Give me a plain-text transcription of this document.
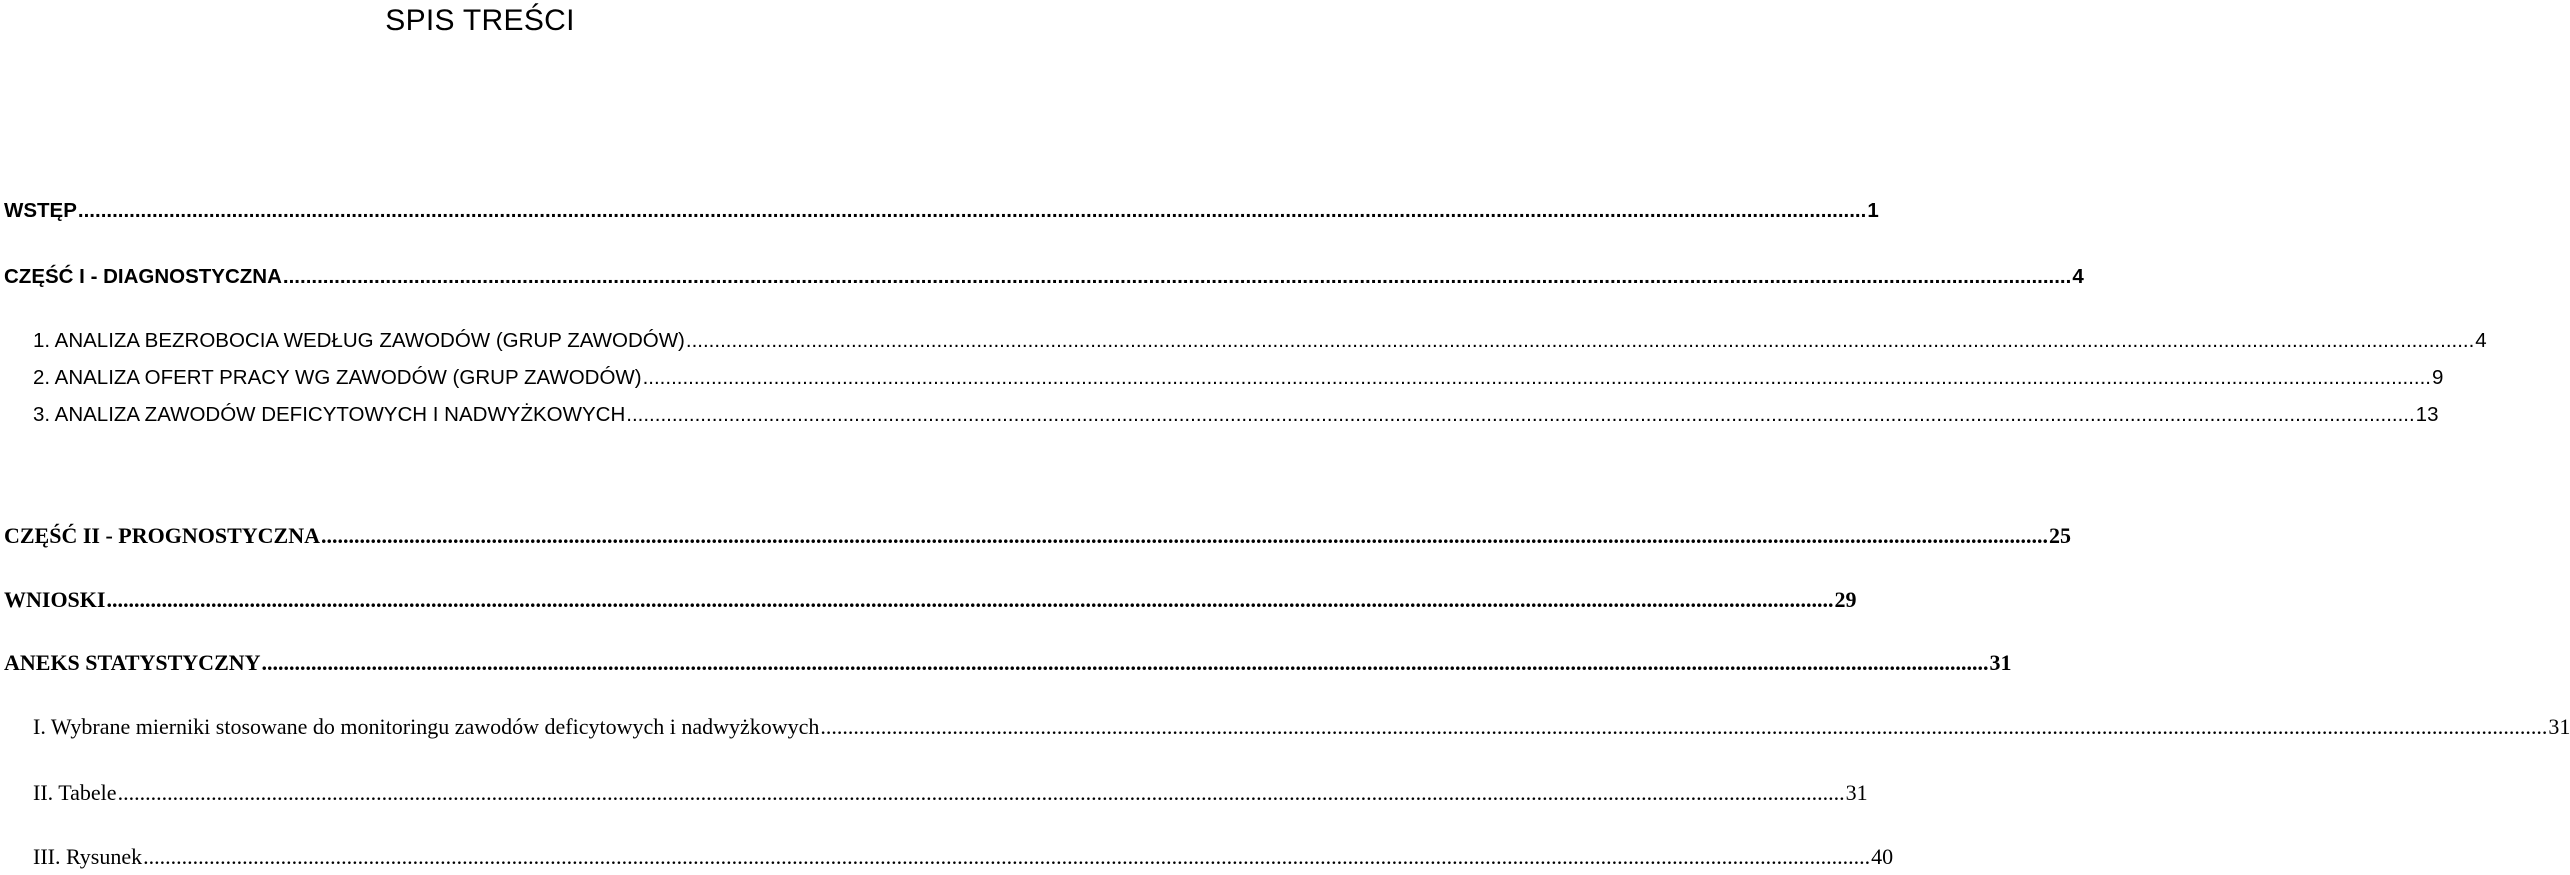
SPIS TREŚCI
WSTĘP .......................................................................................................................................................................................................................................................................................................................... 1
CZĘŚĆ I - DIAGNOSTYCZNA .......................................................................................................................................................................................................................................................................................................................... 4
1. ANALIZA BEZROBOCIA WEDŁUG ZAWODÓW (GRUP ZAWODÓW) .......................................................................................................................................................................................................................................................................................................................... 4
2. ANALIZA OFERT PRACY WG ZAWODÓW (GRUP ZAWODÓW) .......................................................................................................................................................................................................................................................................................................................... 9
3. ANALIZA ZAWODÓW DEFICYTOWYCH I NADWYŻKOWYCH .......................................................................................................................................................................................................................................................................................................................... 13
CZĘŚĆ II - PROGNOSTYCZNA .......................................................................................................................................................................................................................................................................................................................... 25
WNIOSKI .......................................................................................................................................................................................................................................................................................................................... 29
ANEKS STATYSTYCZNY .......................................................................................................................................................................................................................................................................................................................... 31
I. Wybrane mierniki stosowane do monitoringu zawodów deficytowych i nadwyżkowych .......................................................................................................................................................................................................................................................................................................................... 31
II. Tabele .......................................................................................................................................................................................................................................................................................................................... 31
III. Rysunek .......................................................................................................................................................................................................................................................................................................................... 40
